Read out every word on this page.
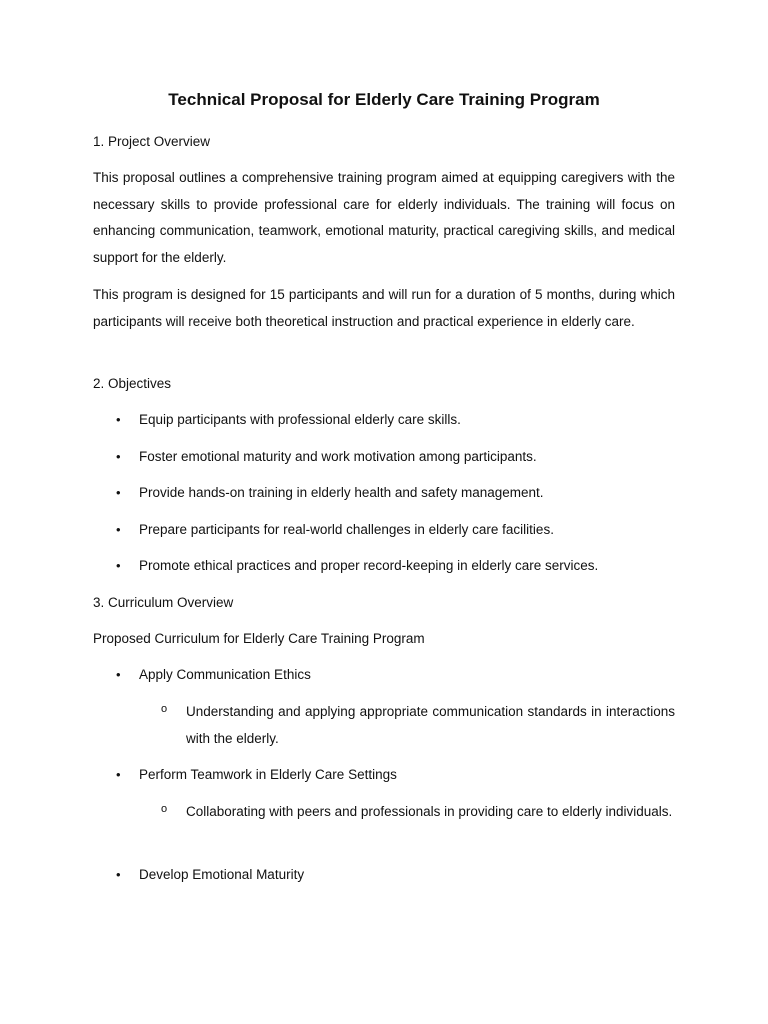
Technical Proposal for Elderly Care Training Program

1. Project Overview

This proposal outlines a comprehensive training program aimed at equipping caregivers with the necessary skills to provide professional care for elderly individuals. The training will focus on enhancing communication, teamwork, emotional maturity, practical caregiving skills, and medical support for the elderly.

This program is designed for 15 participants and will run for a duration of 5 months, during which participants will receive both theoretical instruction and practical experience in elderly care.

2. Objectives

• Equip participants with professional elderly care skills.
• Foster emotional maturity and work motivation among participants.
• Provide hands-on training in elderly health and safety management.
• Prepare participants for real-world challenges in elderly care facilities.
• Promote ethical practices and proper record-keeping in elderly care services.

3. Curriculum Overview

Proposed Curriculum for Elderly Care Training Program

• Apply Communication Ethics
o Understanding and applying appropriate communication standards in interactions with the elderly.
• Perform Teamwork in Elderly Care Settings
o Collaborating with peers and professionals in providing care to elderly individuals.
• Develop Emotional Maturity
